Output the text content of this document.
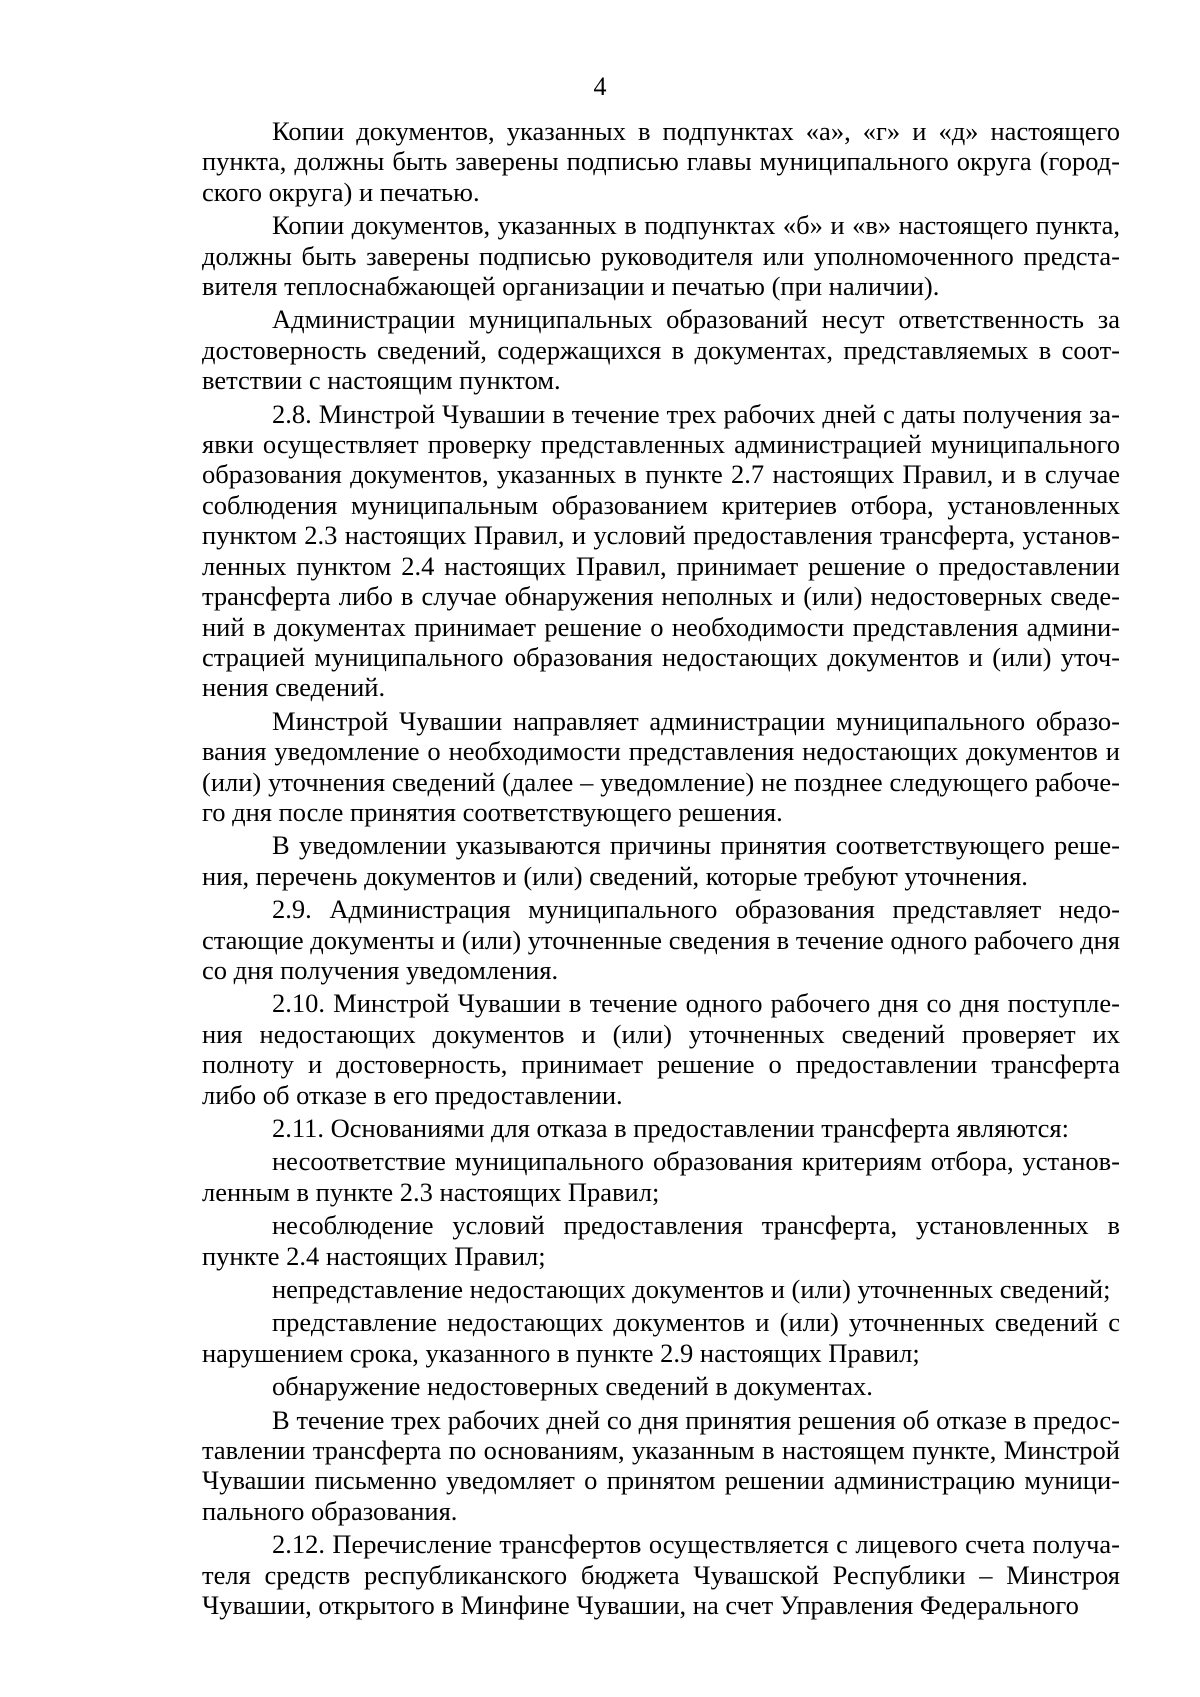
4

Копии документов, указанных в подпунктах «а», «г» и «д» настоящего пункта, должны быть заверены подписью главы муниципального округа (городского округа) и печатью.

Копии документов, указанных в подпунктах «б» и «в» настоящего пункта, должны быть заверены подписью руководителя или уполномоченного представителя теплоснабжающей организации и печатью (при наличии).

Администрации муниципальных образований несут ответственность за достоверность сведений, содержащихся в документах, представляемых в соответствии с настоящим пунктом.

2.8. Минстрой Чувашии в течение трех рабочих дней с даты получения заявки осуществляет проверку представленных администрацией муниципального образования документов, указанных в пункте 2.7 настоящих Правил, и в случае соблюдения муниципальным образованием критериев отбора, установленных пунктом 2.3 настоящих Правил, и условий предоставления трансферта, установленных пунктом 2.4 настоящих Правил, принимает решение о предоставлении трансферта либо в случае обнаружения неполных и (или) недостоверных сведений в документах принимает решение о необходимости представления администрацией муниципального образования недостающих документов и (или) уточнения сведений.

Минстрой Чувашии направляет администрации муниципального образования уведомление о необходимости представления недостающих документов и (или) уточнения сведений (далее – уведомление) не позднее следующего рабочего дня после принятия соответствующего решения.

В уведомлении указываются причины принятия соответствующего решения, перечень документов и (или) сведений, которые требуют уточнения.

2.9. Администрация муниципального образования представляет недостающие документы и (или) уточненные сведения в течение одного рабочего дня со дня получения уведомления.

2.10. Минстрой Чувашии в течение одного рабочего дня со дня поступления недостающих документов и (или) уточненных сведений проверяет их полноту и достоверность, принимает решение о предоставлении трансферта либо об отказе в его предоставлении.

2.11. Основаниями для отказа в предоставлении трансферта являются:

несоответствие муниципального образования критериям отбора, установленным в пункте 2.3 настоящих Правил;

несоблюдение условий предоставления трансферта, установленных в пункте 2.4 настоящих Правил;

непредставление недостающих документов и (или) уточненных сведений;

представление недостающих документов и (или) уточненных сведений с нарушением срока, указанного в пункте 2.9 настоящих Правил;

обнаружение недостоверных сведений в документах.

В течение трех рабочих дней со дня принятия решения об отказе в предоставлении трансферта по основаниям, указанным в настоящем пункте, Минстрой Чувашии письменно уведомляет о принятом решении администрацию муниципального образования.

2.12. Перечисление трансфертов осуществляется с лицевого счета получателя средств республиканского бюджета Чувашской Республики – Минстроя Чувашии, открытого в Минфине Чувашии, на счет Управления Федерального
